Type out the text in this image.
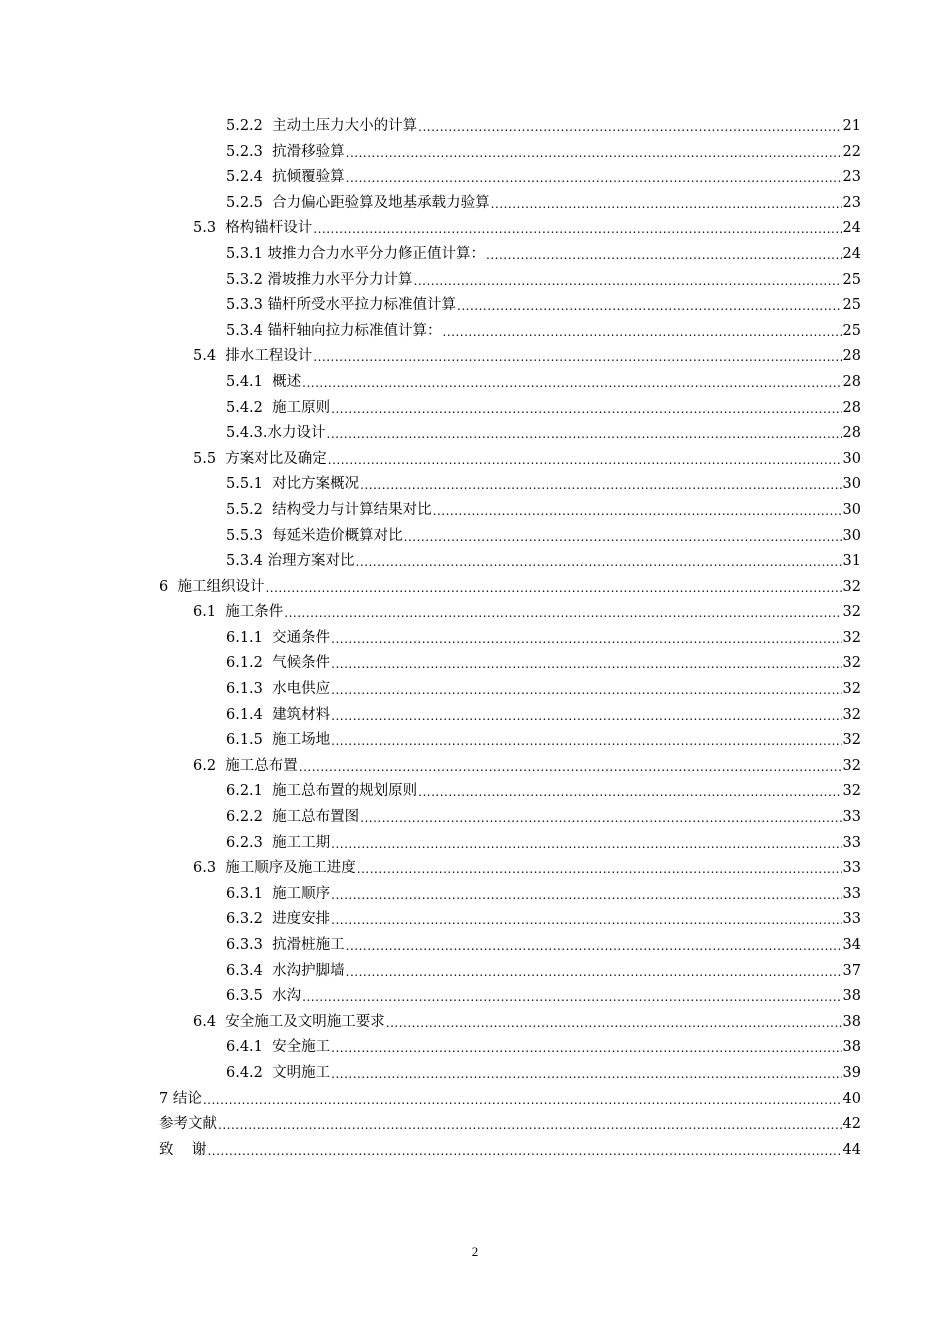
5.2.2  主动土压力大小的计算 .....	21
5.2.3  抗滑移验算 .....	22
5.2.4  抗倾覆验算 .....	23
5.2.5  合力偏心距验算及地基承载力验算 .....	23
5.3  格构锚杆设计 .....	24
5.3.1 坡推力合力水平分力修正值计算： .....	24
5.3.2 滑坡推力水平分力计算 .....	25
5.3.3 锚杆所受水平拉力标准值计算 .....	25
5.3.4 锚杆轴向拉力标准值计算： .....	25
5.4  排水工程设计 .....	28
5.4.1  概述 .....	28
5.4.2  施工原则 .....	28
5.4.3.水力设计 .....	28
5.5  方案对比及确定 .....	30
5.5.1  对比方案概况 .....	30
5.5.2  结构受力与计算结果对比 .....	30
5.5.3  每延米造价概算对比 .....	30
5.3.4 治理方案对比 .....	31
6  施工组织设计 .....	32
6.1  施工条件 .....	32
6.1.1  交通条件 .....	32
6.1.2  气候条件 .....	32
6.1.3  水电供应 .....	32
6.1.4  建筑材料 .....	32
6.1.5  施工场地 .....	32
6.2  施工总布置 .....	32
6.2.1  施工总布置的规划原则 .....	32
6.2.2  施工总布置图 .....	33
6.2.3  施工工期 .....	33
6.3  施工顺序及施工进度 .....	33
6.3.1  施工顺序 .....	33
6.3.2  进度安排 .....	33
6.3.3  抗滑桩施工 .....	34
6.3.4  水沟护脚墙 .....	37
6.3.5  水沟 .....	38
6.4  安全施工及文明施工要求 .....	38
6.4.1  安全施工 .....	38
6.4.2  文明施工 .....	39
7 结论 .....	40
参考文献 .....	42
致    谢 .....	44
2
